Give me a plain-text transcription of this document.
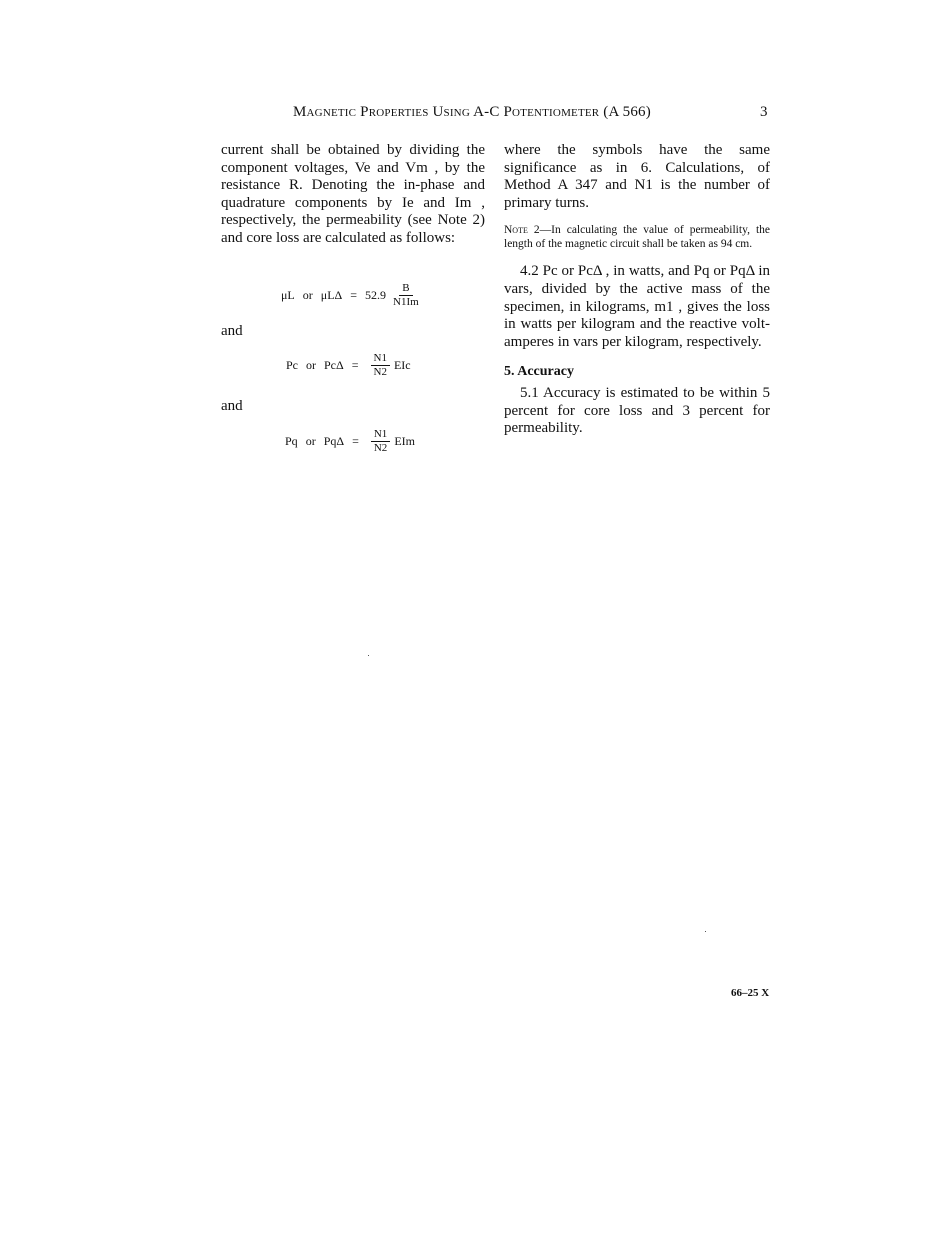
Magnetic Properties Using A-C Potentiometer (A 566)	3

current shall be obtained by dividing the component voltages, Ve and Vm , by the resistance R. Denoting the in-phase and quadrature components by Ie and Im , respectively, the permeability (see Note 2) and core loss are calculated as follows:

μL or $\mu L\Delta = 52.9 \frac{B}{N1Im}$
and
Pc or $Pc\Delta = \frac{N1}{N2}$ EIc
and
Pq or $Pq\Delta = \frac{N1}{N2}$ EIm

where the symbols have the same significance as in 6. Calculations, of Method A 347 and N1 is the number of primary turns.

Note 2—In calculating the value of permeability, the length of the magnetic circuit shall be taken as 94 cm.

4.2 Pc or PcΔ , in watts, and Pq or PqΔ in vars, divided by the active mass of the specimen, in kilograms, m1 , gives the loss in watts per kilogram and the reactive volt-amperes in vars per kilogram, respectively.

5. Accuracy

5.1 Accuracy is estimated to be within 5 percent for core loss and 3 percent for permeability.

66–25 X
